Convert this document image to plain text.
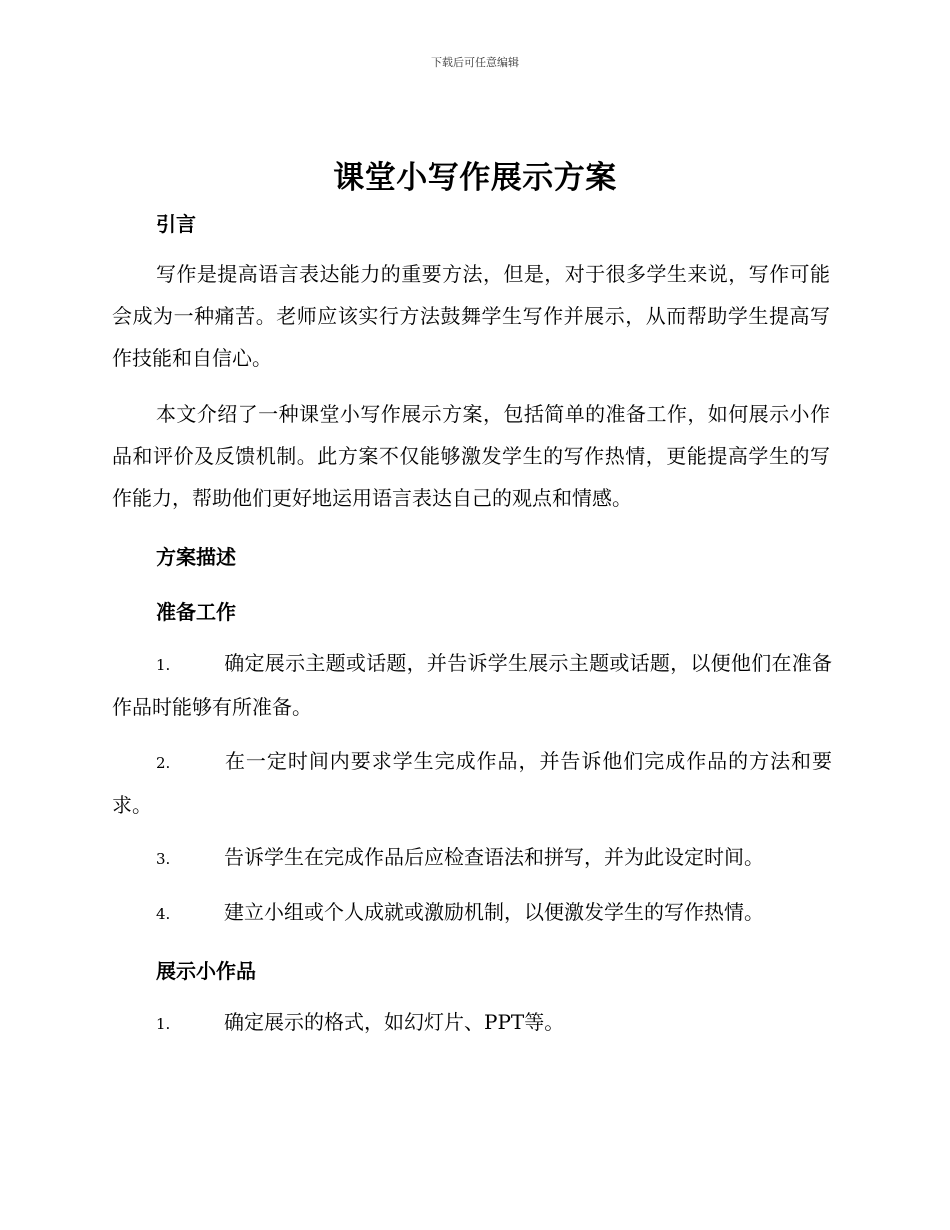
下载后可任意编辑
课堂小写作展示方案
引言
写作是提高语言表达能力的重要方法，但是，对于很多学生来说，写作可能会成为一种痛苦。老师应该实行方法鼓舞学生写作并展示，从而帮助学生提高写作技能和自信心。
本文介绍了一种课堂小写作展示方案，包括简单的准备工作，如何展示小作品和评价及反馈机制。此方案不仅能够激发学生的写作热情，更能提高学生的写作能力，帮助他们更好地运用语言表达自己的观点和情感。
方案描述
准备工作
1.	确定展示主题或话题，并告诉学生展示主题或话题，以便他们在准备作品时能够有所准备。
2.	在一定时间内要求学生完成作品，并告诉他们完成作品的方法和要求。
3.	告诉学生在完成作品后应检查语法和拼写，并为此设定时间。
4.	建立小组或个人成就或激励机制，以便激发学生的写作热情。
展示小作品
1.	确定展示的格式，如幻灯片、PPT等。
